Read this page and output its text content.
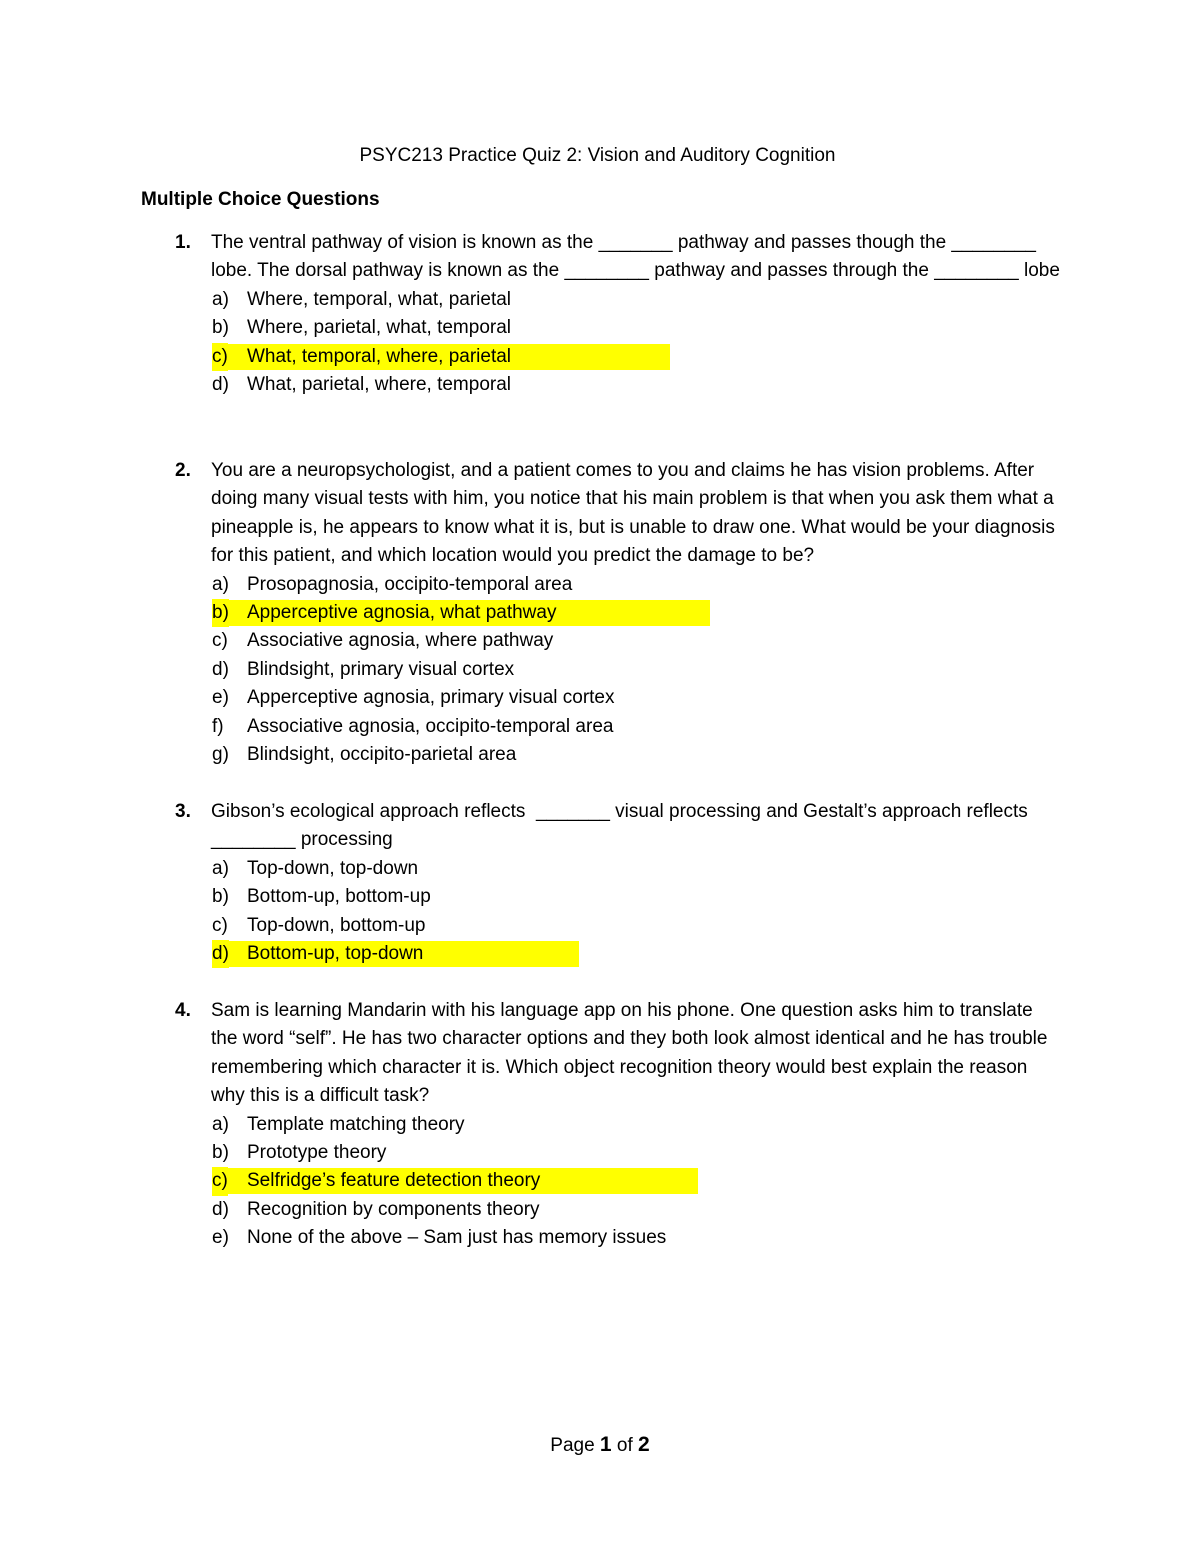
PSYC213 Practice Quiz 2: Vision and Auditory Cognition
Multiple Choice Questions
1. The ventral pathway of vision is known as the _______ pathway and passes though the ________ lobe. The dorsal pathway is known as the ________ pathway and passes through the ________ lobe
a) Where, temporal, what, parietal
b) Where, parietal, what, temporal
c) What, temporal, where, parietal
d) What, parietal, where, temporal
2. You are a neuropsychologist, and a patient comes to you and claims he has vision problems. After doing many visual tests with him, you notice that his main problem is that when you ask them what a pineapple is, he appears to know what it is, but is unable to draw one. What would be your diagnosis for this patient, and which location would you predict the damage to be?
a) Prosopagnosia, occipito-temporal area
b) Apperceptive agnosia, what pathway
c) Associative agnosia, where pathway
d) Blindsight, primary visual cortex
e) Apperceptive agnosia, primary visual cortex
f) Associative agnosia, occipito-temporal area
g) Blindsight, occipito-parietal area
3. Gibson’s ecological approach reflects  _______ visual processing and Gestalt’s approach reflects ________ processing
a) Top-down, top-down
b) Bottom-up, bottom-up
c) Top-down, bottom-up
d) Bottom-up, top-down
4. Sam is learning Mandarin with his language app on his phone. One question asks him to translate the word “self”. He has two character options and they both look almost identical and he has trouble remembering which character it is. Which object recognition theory would best explain the reason why this is a difficult task?
a) Template matching theory
b) Prototype theory
c) Selfridge’s feature detection theory
d) Recognition by components theory
e) None of the above – Sam just has memory issues
Page 1 of 2
